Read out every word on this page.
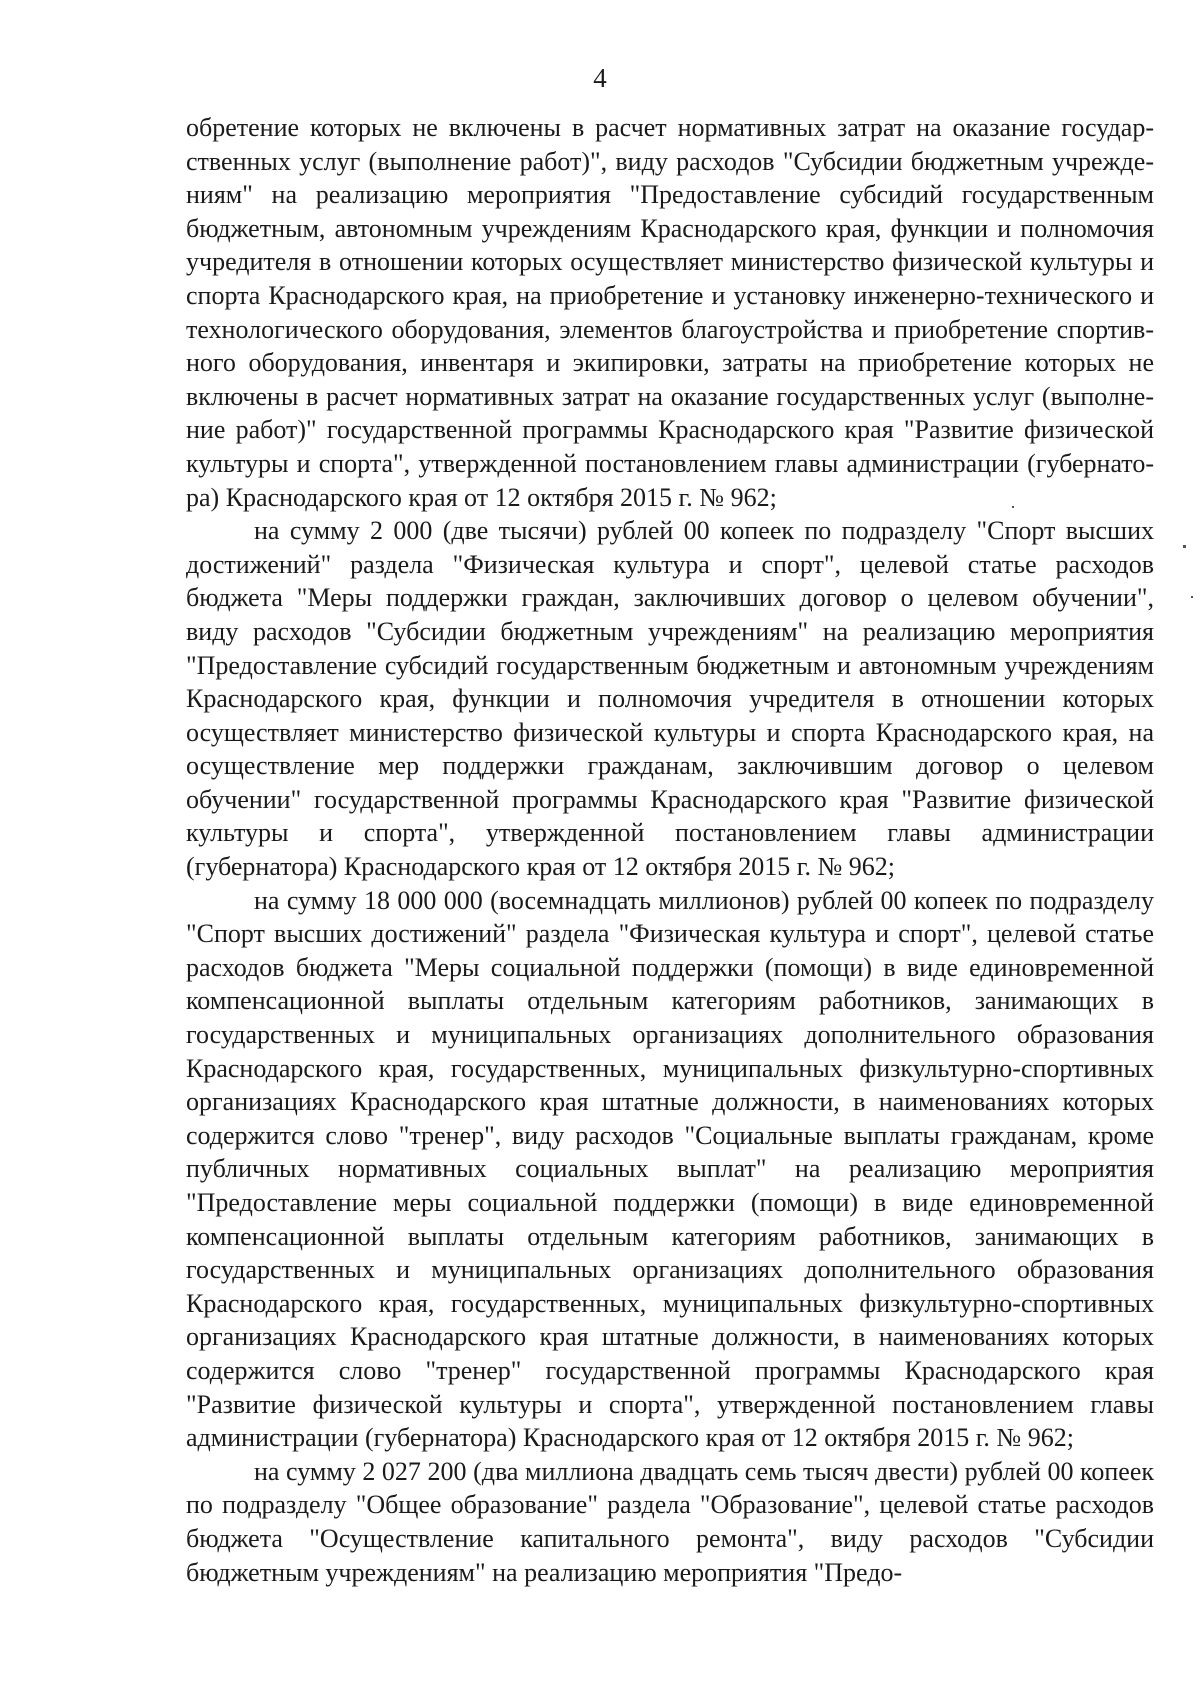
4

обретение которых не включены в расчет нормативных затрат на оказание государственных услуг (выполнение работ)", виду расходов "Субсидии бюджетным учреждениям" на реализацию мероприятия "Предоставление субсидий государственным бюджетным, автономным учреждениям Краснодарского края, функции и полномочия учредителя в отношении которых осуществляет министерство физической культуры и спорта Краснодарского края, на приобретение и установку инженерно-технического и технологического оборудования, элементов благоустройства и приобретение спортивного оборудования, инвентаря и экипировки, затраты на приобретение которых не включены в расчет нормативных затрат на оказание государственных услуг (выполнение работ)" государственной программы Краснодарского края "Развитие физической культуры и спорта", утвержденной постановлением главы администрации (губернатора) Краснодарского края от 12 октября 2015 г. № 962;

на сумму 2 000 (две тысячи) рублей 00 копеек по подразделу "Спорт высших достижений" раздела "Физическая культура и спорт", целевой статье расходов бюджета "Меры поддержки граждан, заключивших договор о целевом обучении", виду расходов "Субсидии бюджетным учреждениям" на реализацию мероприятия "Предоставление субсидий государственным бюджетным и автономным учреждениям Краснодарского края, функции и полномочия учредителя в отношении которых осуществляет министерство физической культуры и спорта Краснодарского края, на осуществление мер поддержки гражданам, заключившим договор о целевом обучении" государственной программы Краснодарского края "Развитие физической культуры и спорта", утвержденной постановлением главы администрации (губернатора) Краснодарского края от 12 октября 2015 г. № 962;

на сумму 18 000 000 (восемнадцать миллионов) рублей 00 копеек по подразделу "Спорт высших достижений" раздела "Физическая культура и спорт", целевой статье расходов бюджета "Меры социальной поддержки (помощи) в виде единовременной компенсационной выплаты отдельным категориям работников, занимающих в государственных и муниципальных организациях дополнительного образования Краснодарского края, государственных, муниципальных физкультурно-спортивных организациях Краснодарского края штатные должности, в наименованиях которых содержится слово "тренер", виду расходов "Социальные выплаты гражданам, кроме публичных нормативных социальных выплат" на реализацию мероприятия "Предоставление меры социальной поддержки (помощи) в виде единовременной компенсационной выплаты отдельным категориям работников, занимающих в государственных и муниципальных организациях дополнительного образования Краснодарского края, государственных, муниципальных физкультурно-спортивных организациях Краснодарского края штатные должности, в наименованиях которых содержится слово "тренер" государственной программы Краснодарского края "Развитие физической культуры и спорта", утвержденной постановлением главы администрации (губернатора) Краснодарского края от 12 октября 2015 г. № 962;

на сумму 2 027 200 (два миллиона двадцать семь тысяч двести) рублей 00 копеек по подразделу "Общее образование" раздела "Образование", целевой статье расходов бюджета "Осуществление капитального ремонта", виду расходов "Субсидии бюджетным учреждениям" на реализацию мероприятия "Предо-
